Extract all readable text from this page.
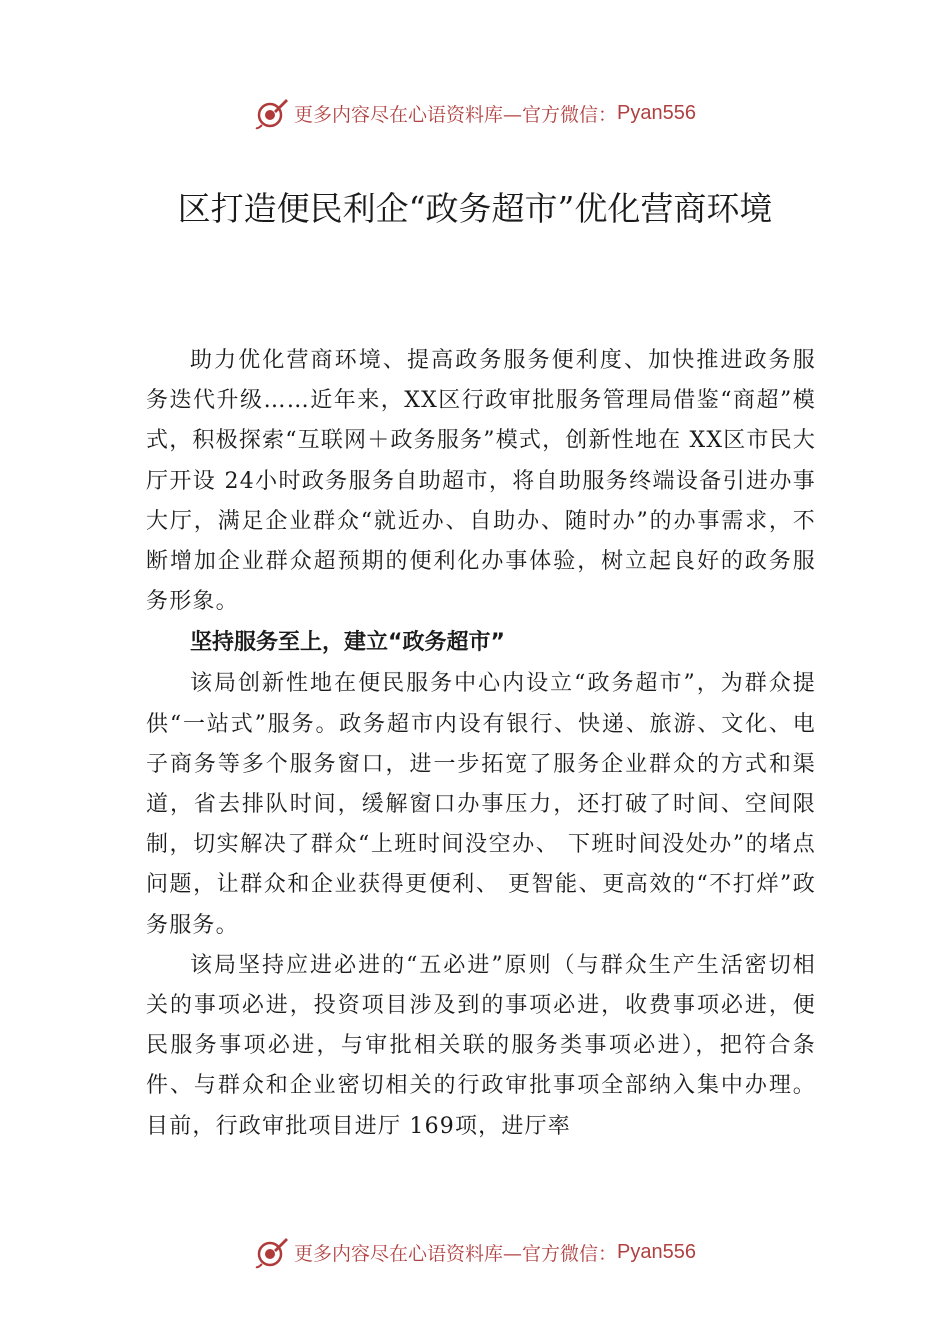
更多内容尽在心语资料库—官方微信： Pyan556
区打造便民利企“政务超市”优化营商环境

助力优化营商环境、提高政务服务便利度、加快推进政务服务迭代升级……近年来，XX区行政审批服务管理局借鉴“商超”模式，积极探索“互联网＋政务服务”模式，创新性地在 XX区市民大厅开设 24小时政务服务自助超市，将自助服务终端设备引进办事大厅，满足企业群众“就近办、自助办、随时办”的办事需求，不断增加企业群众超预期的便利化办事体验，树立起良好的政务服务形象。

坚持服务至上，建立“政务超市”

该局创新性地在便民服务中心内设立“政务超市”，为群众提供“一站式”服务。政务超市内设有银行、快递、旅游、文化、电子商务等多个服务窗口，进一步拓宽了服务企业群众的方式和渠道，省去排队时间，缓解窗口办事压力，还打破了时间、空间限制，切实解决了群众“上班时间没空办、 下班时间没处办”的堵点问题，让群众和企业获得更便利、 更智能、更高效的“不打烊”政务服务。

该局坚持应进必进的“五必进”原则（与群众生产生活密切相关的事项必进，投资项目涉及到的事项必进，收费事项必进，便民服务事项必进，与审批相关联的服务类事项必进），把符合条件、与群众和企业密切相关的行政审批事项全部纳入集中办理。目前，行政审批项目进厅 169项，进厅率

更多内容尽在心语资料库—官方微信： Pyan556
